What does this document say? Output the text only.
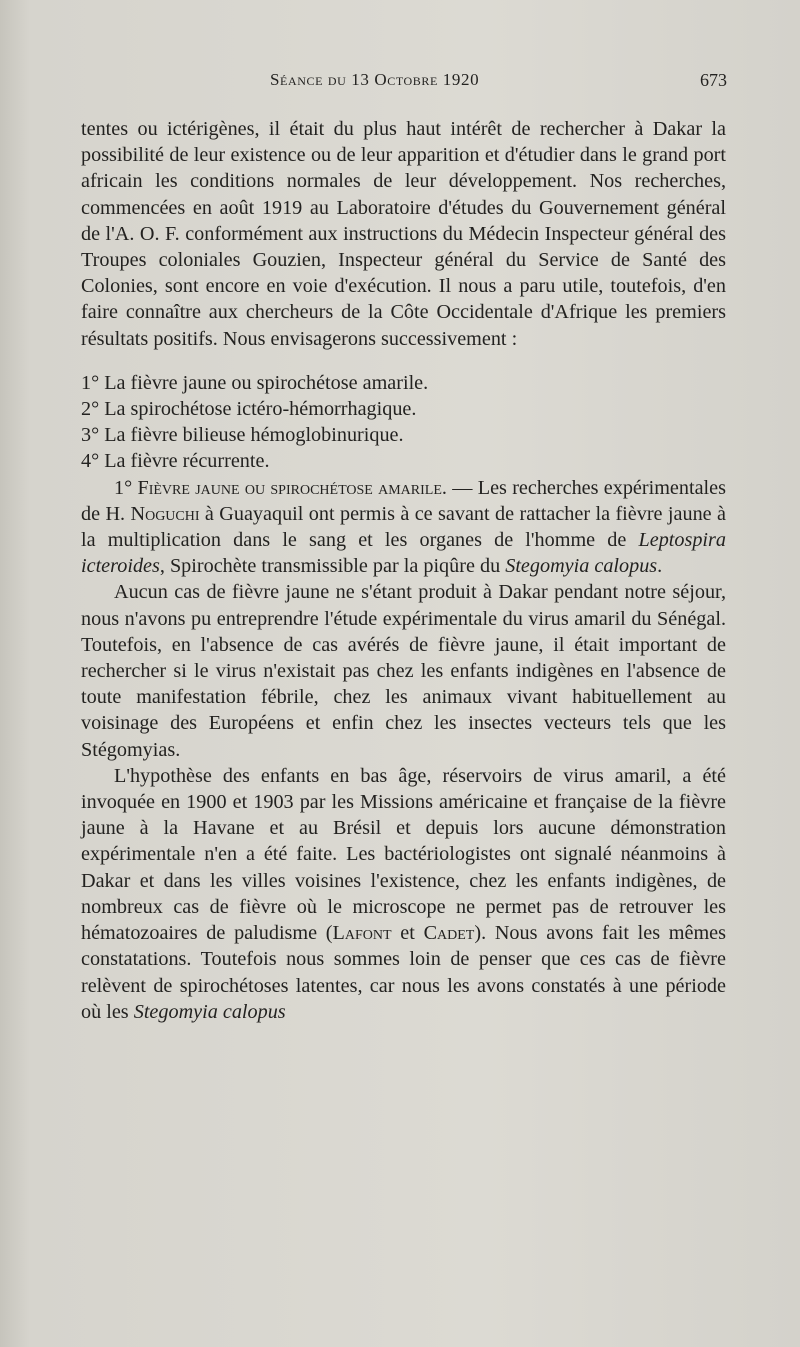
Séance du 13 Octobre 1920	673

tentes ou ictérigènes, il était du plus haut intérêt de rechercher à Dakar la possibilité de leur existence ou de leur apparition et d'étudier dans le grand port africain les conditions normales de leur développement. Nos recherches, commencées en août 1919 au Laboratoire d'études du Gouvernement général de l'A. O. F. conformément aux instructions du Médecin Inspecteur général des Troupes coloniales Gouzien, Inspecteur général du Service de Santé des Colonies, sont encore en voie d'exécution. Il nous a paru utile, toutefois, d'en faire connaître aux chercheurs de la Côte Occidentale d'Afrique les premiers résultats positifs. Nous envisagerons successivement :

1° La fièvre jaune ou spirochétose amarile.
2° La spirochétose ictéro-hémorrhagique.
3° La fièvre bilieuse hémoglobinurique.
4° La fièvre récurrente.

1° Fièvre jaune ou spirochétose amarile. — Les recherches expérimentales de H. Noguchi à Guayaquil ont permis à ce savant de rattacher la fièvre jaune à la multiplication dans le sang et les organes de l'homme de Leptospira icteroides, Spirochète transmissible par la piqûre du Stegomyia calopus.

Aucun cas de fièvre jaune ne s'étant produit à Dakar pendant notre séjour, nous n'avons pu entreprendre l'étude expérimentale du virus amaril du Sénégal. Toutefois, en l'absence de cas avérés de fièvre jaune, il était important de rechercher si le virus n'existait pas chez les enfants indigènes en l'absence de toute manifestation fébrile, chez les animaux vivant habituellement au voisinage des Européens et enfin chez les insectes vecteurs tels que les Stégomyias.

L'hypothèse des enfants en bas âge, réservoirs de virus amaril, a été invoquée en 1900 et 1903 par les Missions américaine et française de la fièvre jaune à la Havane et au Brésil et depuis lors aucune démonstration expérimentale n'en a été faite. Les bactériologistes ont signalé néanmoins à Dakar et dans les villes voisines l'existence, chez les enfants indigènes, de nombreux cas de fièvre où le microscope ne permet pas de retrouver les hématozoaires de paludisme (Lafont et Cadet). Nous avons fait les mêmes constatations. Toutefois nous sommes loin de penser que ces cas de fièvre relèvent de spirochétoses latentes, car nous les avons constatés à une période où les Stegomyia calopus
